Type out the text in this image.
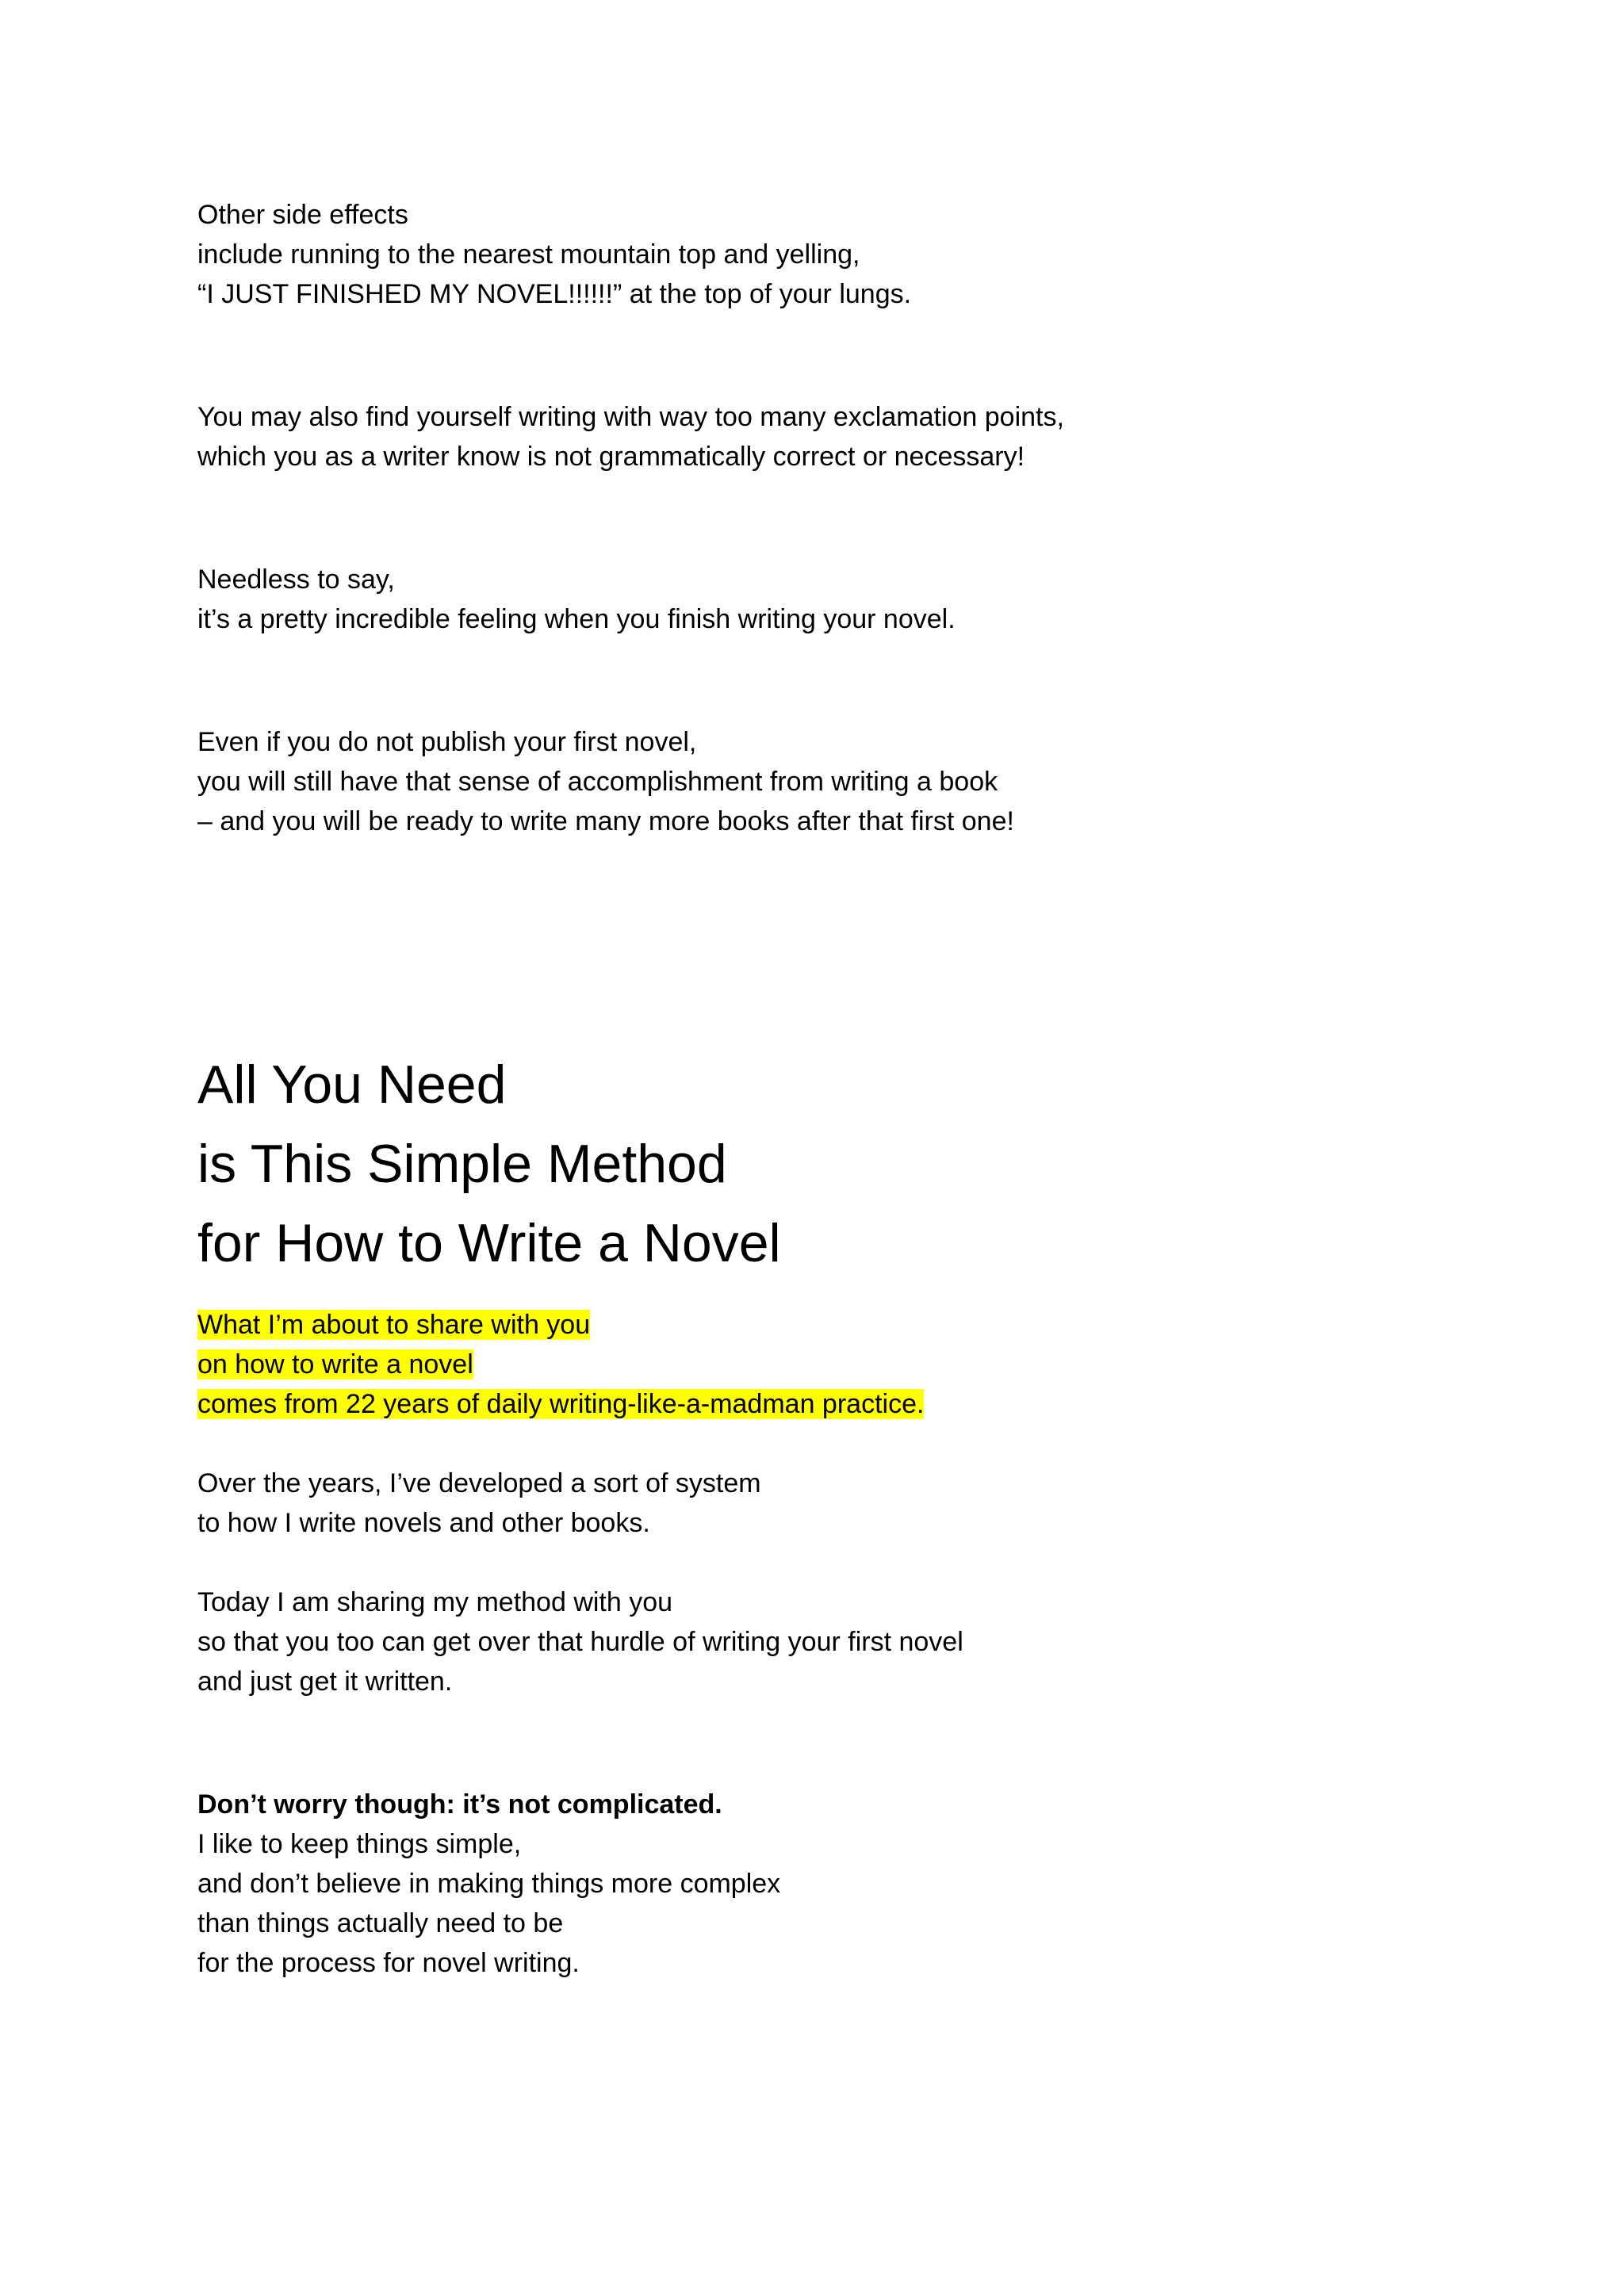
Other side effects
include running to the nearest mountain top and yelling,
“I JUST FINISHED MY NOVEL!!!!!!” at the top of your lungs.
You may also find yourself writing with way too many exclamation points,
which you as a writer know is not grammatically correct or necessary!
Needless to say,
it’s a pretty incredible feeling when you finish writing your novel.
Even if you do not publish your first novel,
you will still have that sense of accomplishment from writing a book
– and you will be ready to write many more books after that first one!
All You Need
is This Simple Method
for How to Write a Novel
What I’m about to share with you
on how to write a novel
comes from 22 years of daily writing-like-a-madman practice.
Over the years, I’ve developed a sort of system
to how I write novels and other books.
Today I am sharing my method with you
so that you too can get over that hurdle of writing your first novel
and just get it written.
Don’t worry though: it’s not complicated.
I like to keep things simple,
and don’t believe in making things more complex
than things actually need to be
for the process for novel writing.
